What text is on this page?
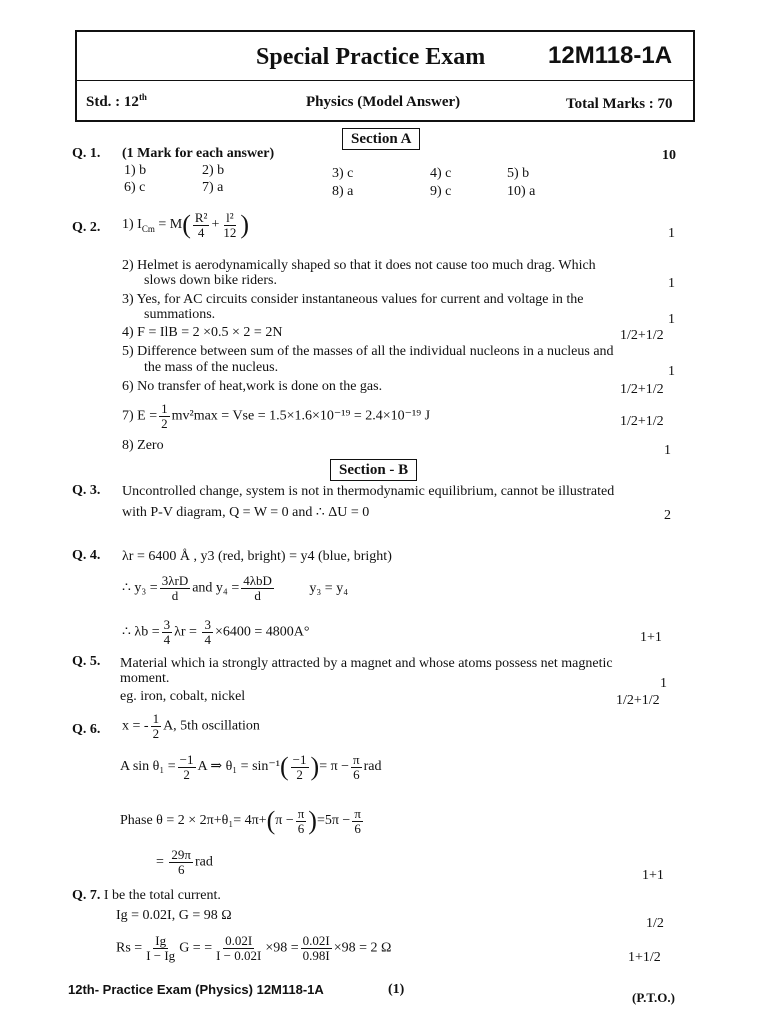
Special Practice Exam	12M118-1A
Std. : 12th	Physics (Model Answer)	Total Marks : 70
Section A
Q. 1. (1 Mark for each answer)	10
1) b	2) b	3) c	4) c	5) b
6) c	7) a	8) a	9) c	10) a
Q. 2. 1) $I_{Cm} = M( \frac{\text{R²}}{4} + \frac{\text{l²}}{12}$ )	1
2) Helmet is aerodynamically shaped so that it does not cause too much drag. Which
slows down bike riders.	1
3) Yes, for AC circuits consider instantaneous values for current and voltage in the
summations.	1
4) F = IlB = 2 ×0.5 × 2 = 2N	1/2+1/2
5) Difference between sum of the masses of all the individual nucleons in a nucleus and
the mass of the nucleus.	1
6) No transfer of heat,work is done on the gas.	1/2+1/2
7) $E = \frac{1}{2} mv^2\max$ = Vse = 1.5×1.6×10⁻¹⁹ = 2.4×10⁻¹⁹ J	1/2+1/2
8) Zero	1
Section - B
Q. 3. Uncontrolled change, system is not in thermodynamic equilibrium, cannot be illustrated
with P-V diagram, Q = W = 0 and ∴ ΔU = 0	2
Q. 4. λr = 6400 Å , y3 (red, bright) = y4 (blue, bright)
∴ $y_3 = \frac{\text{3λrD}}{d}$ and $y_4 = \frac{\text{4λbD}}{d}$	y₃ = y₄
∴ $\lambda b = \frac{3}{4}$ $\lambda r = \frac{3}{4} \times 6400 = 4800A^\circ$	1+1
Q. 5. Material which ia strongly attracted by a magnet and whose atoms possess net magnetic
moment.	1
eg. iron, cobalt, nickel	1/2+1/2
Q. 6. x = - $\frac{1}{2} A$, 5th oscillation
A $\sin \theta_1 = \frac{-1}{2}$ A ⇒ $\theta_1 = \sin^{-1}( \frac{-1}{2}$ )= $\pi - \frac{\pi}{6}$ rad
Phase $\theta = 2 \times 2\pi+\theta_1= 4\pi+(\pi - \frac{\pi}{6} )=5\pi - \frac{\pi}{6}$
= $\frac{29\pi}{6}$ rad
1+1
Q. 7. I be the total current.
Ig = 0.02I, G = 98 Ω
1/2
$Rs = \frac{Ig}{I - Ig}$ G = = $\frac{0.02I}{I - 0.02I} \times 98 = \frac{0.02I}{0.98I} \times 98 = 2$ Ω
1+1/2
12th- Practice Exam (Physics) 12M118-1A	(1)
(P.T.O.)
